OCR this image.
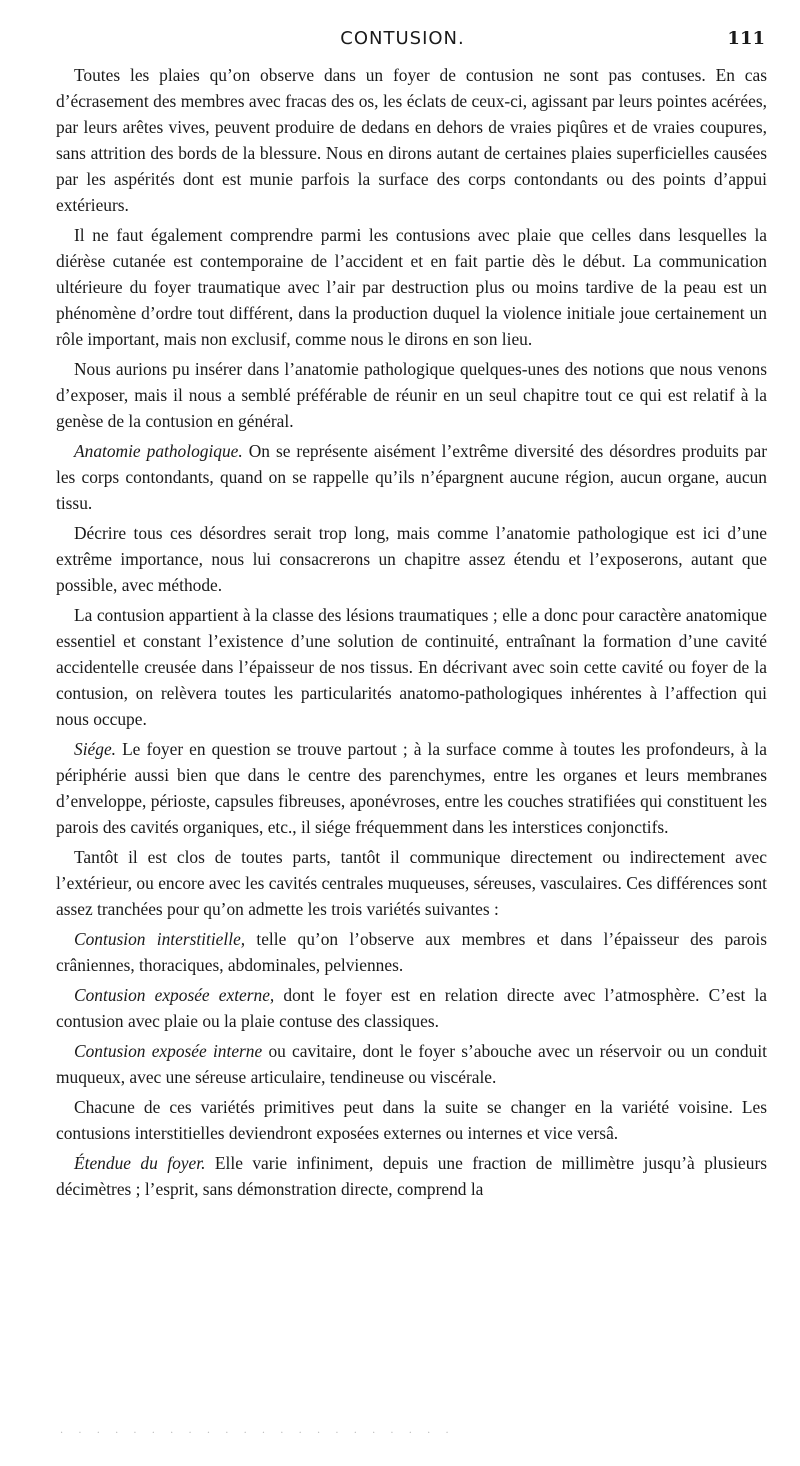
CONTUSION.	111

Toutes les plaies qu’on observe dans un foyer de contusion ne sont pas contuses. En cas d’écrasement des membres avec fracas des os, les éclats de ceux-ci, agissant par leurs pointes acérées, par leurs arêtes vives, peuvent produire de dedans en dehors de vraies piqûres et de vraies coupures, sans attrition des bords de la blessure. Nous en dirons autant de certaines plaies superficielles causées par les aspérités dont est munie parfois la surface des corps contondants ou des points d’appui extérieurs.

Il ne faut également comprendre parmi les contusions avec plaie que celles dans lesquelles la diérèse cutanée est contemporaine de l’accident et en fait partie dès le début. La communication ultérieure du foyer traumatique avec l’air par destruction plus ou moins tardive de la peau est un phénomène d’ordre tout différent, dans la production duquel la violence initiale joue certainement un rôle important, mais non exclusif, comme nous le dirons en son lieu.

Nous aurions pu insérer dans l’anatomie pathologique quelques-unes des notions que nous venons d’exposer, mais il nous a semblé préférable de réunir en un seul chapitre tout ce qui est relatif à la genèse de la contusion en général.

Anatomie pathologique. On se représente aisément l’extrême diversité des désordres produits par les corps contondants, quand on se rappelle qu’ils n’épargnent aucune région, aucun organe, aucun tissu.

Décrire tous ces désordres serait trop long, mais comme l’anatomie pathologique est ici d’une extrême importance, nous lui consacrerons un chapitre assez étendu et l’exposerons, autant que possible, avec méthode.

La contusion appartient à la classe des lésions traumatiques ; elle a donc pour caractère anatomique essentiel et constant l’existence d’une solution de continuité, entraînant la formation d’une cavité accidentelle creusée dans l’épaisseur de nos tissus. En décrivant avec soin cette cavité ou foyer de la contusion, on relèvera toutes les particularités anatomo-pathologiques inhérentes à l’affection qui nous occupe.

Siége. Le foyer en question se trouve partout ; à la surface comme à toutes les profondeurs, à la périphérie aussi bien que dans le centre des parenchymes, entre les organes et leurs membranes d’enveloppe, périoste, capsules fibreuses, aponévroses, entre les couches stratifiées qui constituent les parois des cavités organiques, etc., il siége fréquemment dans les interstices conjonctifs.

Tantôt il est clos de toutes parts, tantôt il communique directement ou indirectement avec l’extérieur, ou encore avec les cavités centrales muqueuses, séreuses, vasculaires. Ces différences sont assez tranchées pour qu’on admette les trois variétés suivantes :

Contusion interstitielle, telle qu’on l’observe aux membres et dans l’épaisseur des parois crâniennes, thoraciques, abdominales, pelviennes.

Contusion exposée externe, dont le foyer est en relation directe avec l’atmosphère. C’est la contusion avec plaie ou la plaie contuse des classiques.

Contusion exposée interne ou cavitaire, dont le foyer s’abouche avec un réservoir ou un conduit muqueux, avec une séreuse articulaire, tendineuse ou viscérale.

Chacune de ces variétés primitives peut dans la suite se changer en la variété voisine. Les contusions interstitielles deviendront exposées externes ou internes et vice versâ.

Étendue du foyer. Elle varie infiniment, depuis une fraction de millimètre jusqu’à plusieurs décimètres ; l’esprit, sans démonstration directe, comprend la

· · · · · · · · · · · · · · · · · · · · · ·
